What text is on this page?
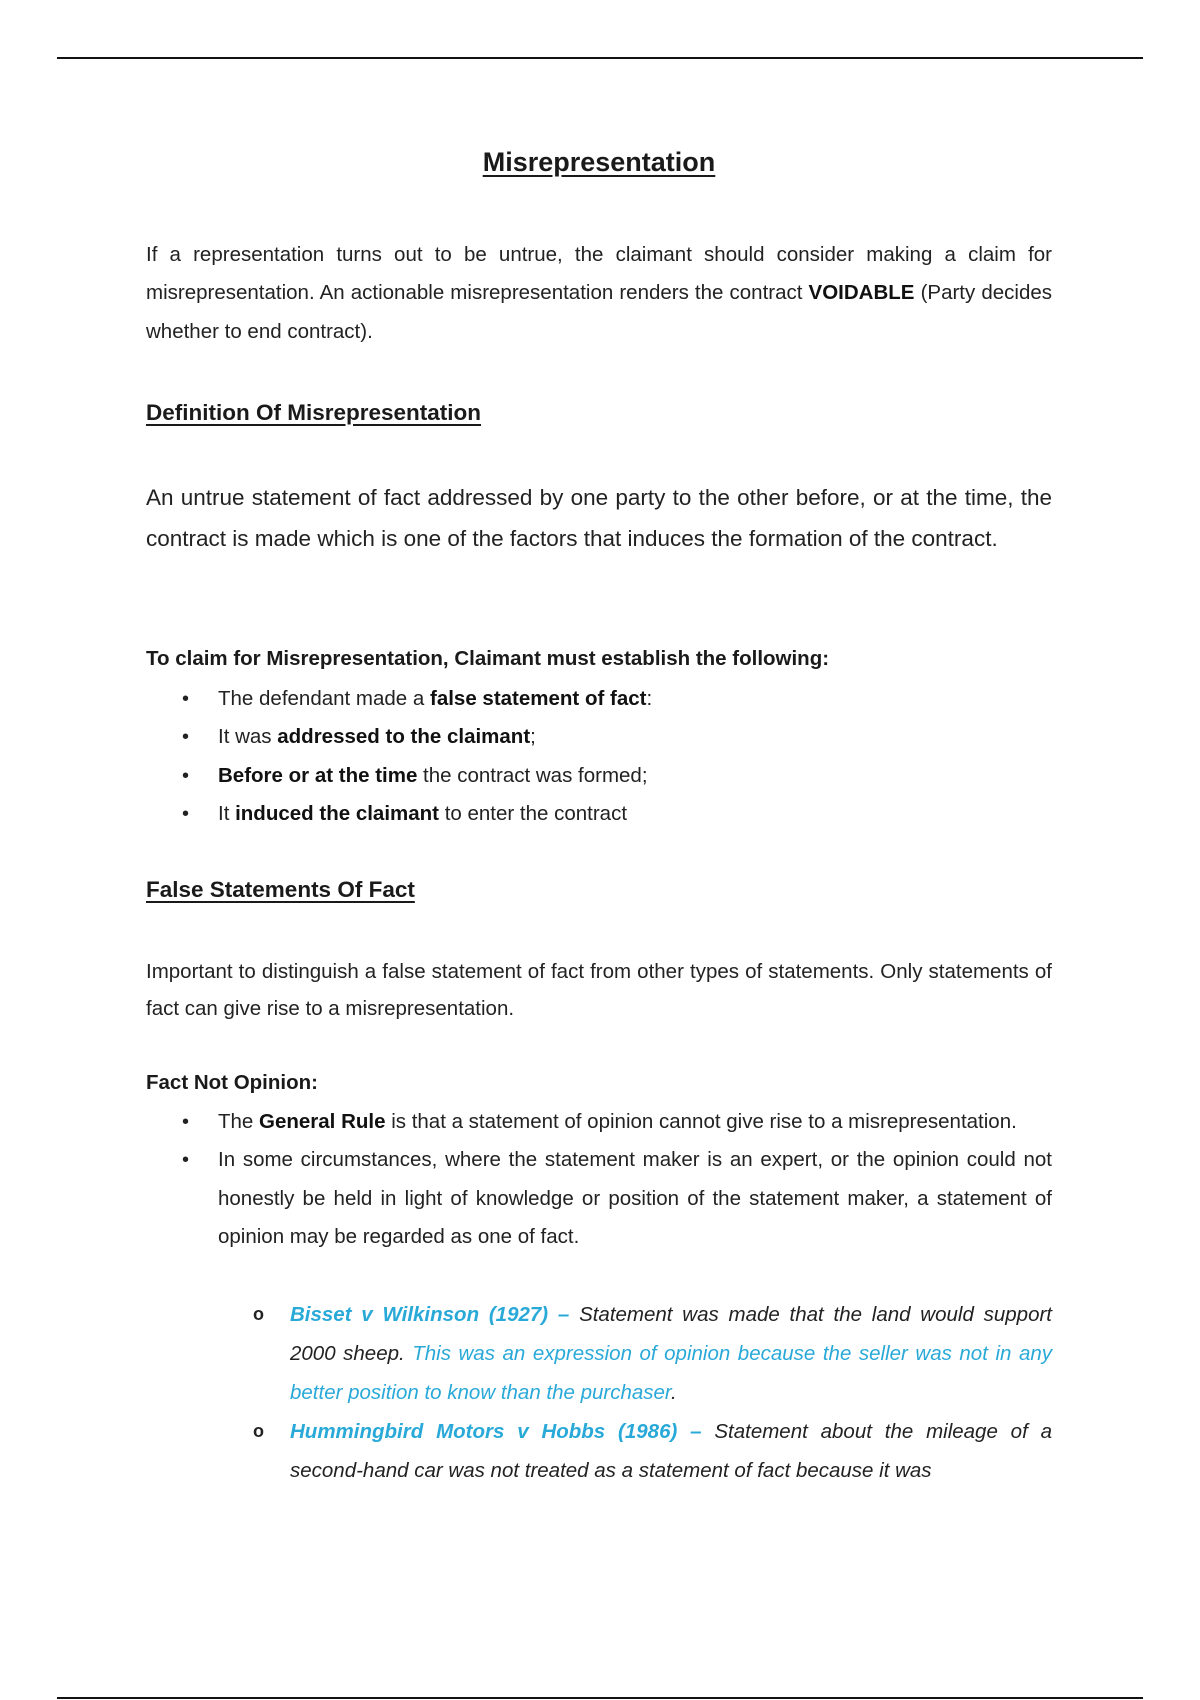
Misrepresentation

If a representation turns out to be untrue, the claimant should consider making a claim for misrepresentation. An actionable misrepresentation renders the contract VOIDABLE (Party decides whether to end contract).

Definition Of Misrepresentation

An untrue statement of fact addressed by one party to the other before, or at the time, the contract is made which is one of the factors that induces the formation of the contract.

To claim for Misrepresentation, Claimant must establish the following:
• The defendant made a false statement of fact:
• It was addressed to the claimant;
• Before or at the time the contract was formed;
• It induced the claimant to enter the contract
False Statements Of Fact

Important to distinguish a false statement of fact from other types of statements. Only statements of fact can give rise to a misrepresentation.

Fact Not Opinion:
• The General Rule is that a statement of opinion cannot give rise to a misrepresentation.
• In some circumstances, where the statement maker is an expert, or the opinion could not honestly be held in light of knowledge or position of the statement maker, a statement of opinion may be regarded as one of fact.
o Bisset v Wilkinson (1927) – Statement was made that the land would support 2000 sheep. This was an expression of opinion because the seller was not in any better position to know than the purchaser.
o Hummingbird Motors v Hobbs (1986) – Statement about the mileage of a second-hand car was not treated as a statement of fact because it was
